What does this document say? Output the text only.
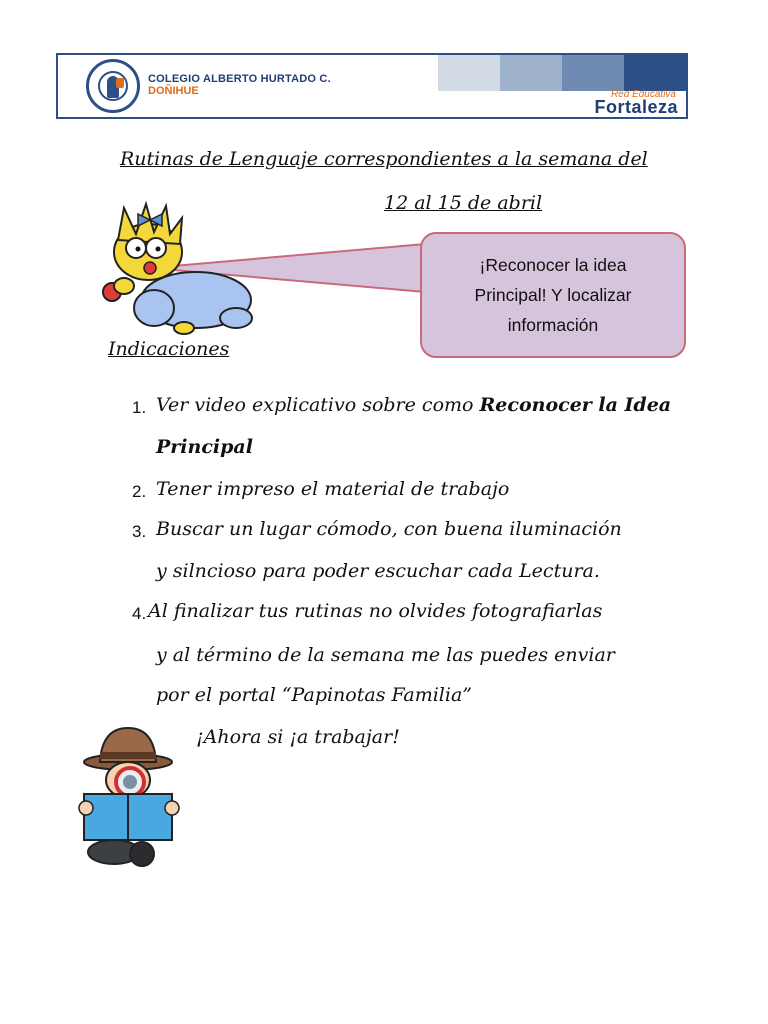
COLEGIO ALBERTO HURTADO C.
DOÑIHUE	Red Educativa
Fortaleza
Rutinas de Lenguaje correspondientes a la semana del
12 al 15 de abril
¡Reconocer la idea Principal! Y localizar información
Indicaciones
1. Ver video explicativo sobre como Reconocer la Idea
Principal
2. Tener impreso el material de trabajo
3. Buscar un lugar cómodo, con buena iluminación
y silncioso para poder escuchar cada Lectura.
4. Al finalizar tus rutinas no olvides fotografiarlas
y al término de la semana me las puedes enviar
por el portal “Papinotas Familia”
¡Ahora si ¡a trabajar!
